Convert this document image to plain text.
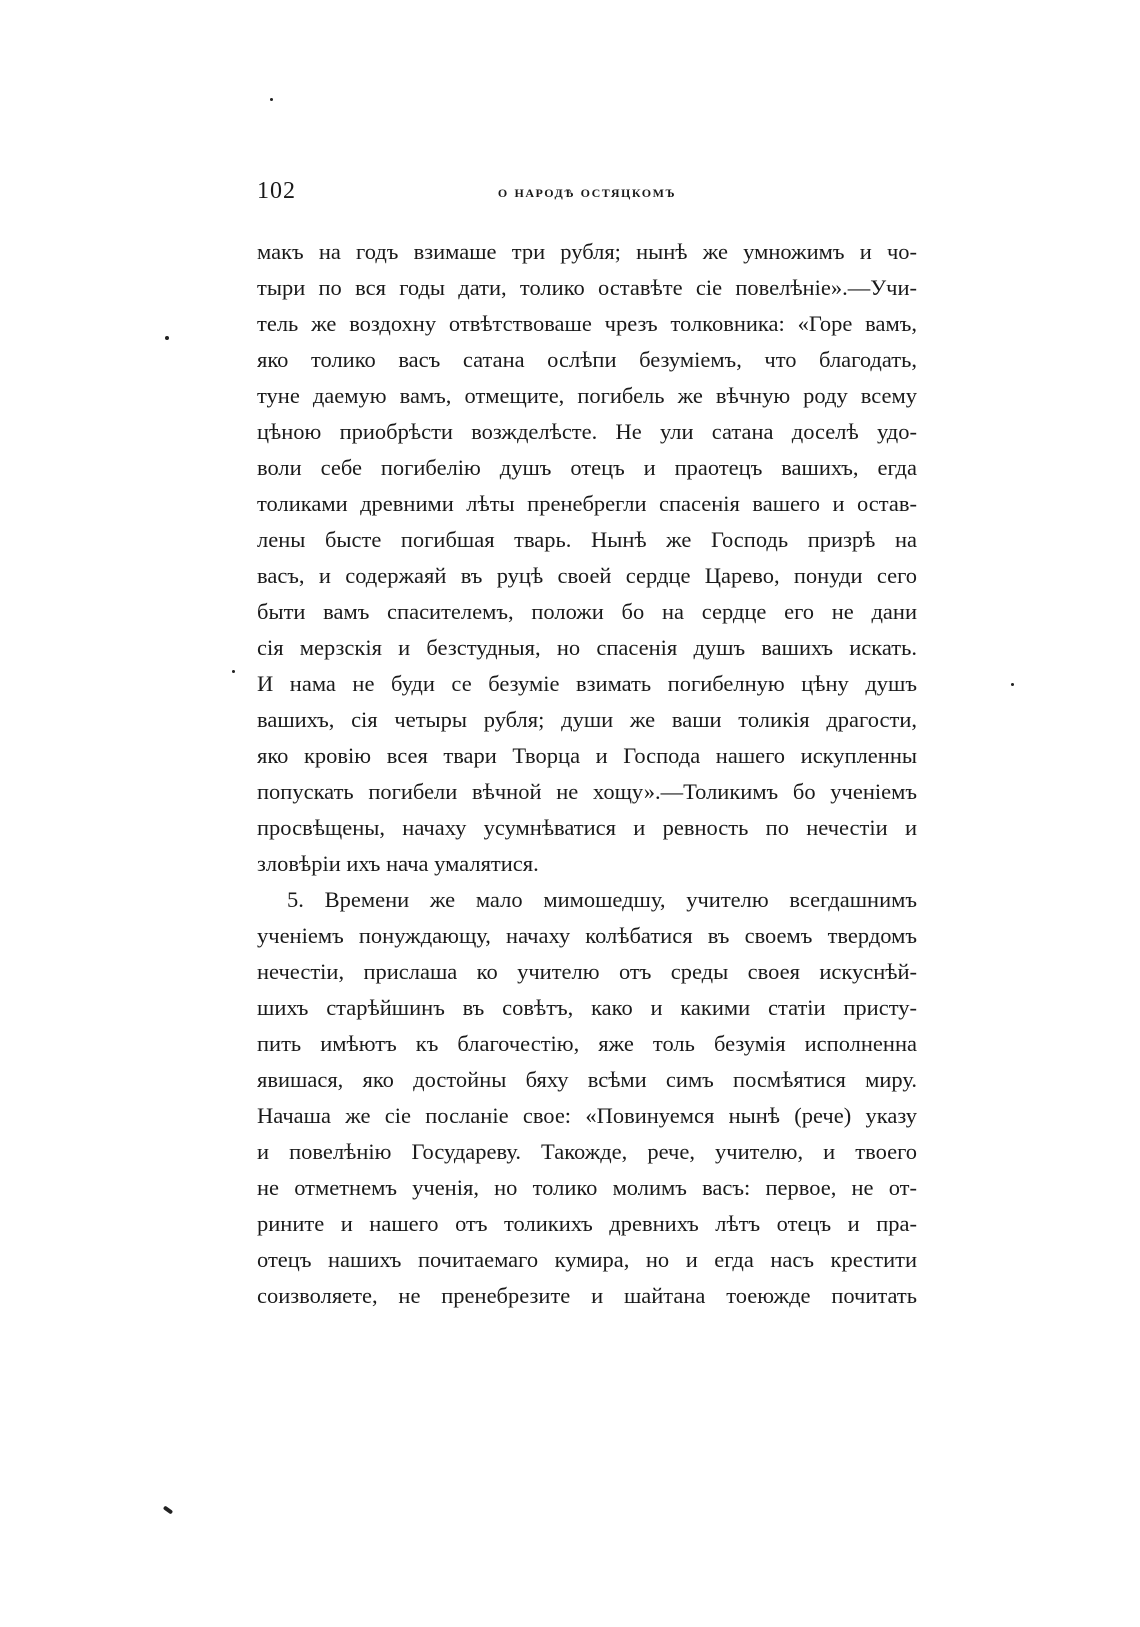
102	о народѣ остяцкомъ
макъ на годъ взимаше три рубля; нынѣ же умножимъ и чо-
тыри по вся годы дати, толико оставѣте сіе повелѣніе».—Учи-
тель же воздохну отвѣтствоваше чрезъ толковника: «Горе вамъ,
яко толико васъ сатана ослѣпи безуміемъ, что благодать,
туне даемую вамъ, отмещите, погибель же вѣчную роду всему
цѣною приобрѣсти возжделѣсте. Не ули сатана доселѣ удо-
воли себе погибелію душъ отецъ и праотецъ вашихъ, егда
толиками древними лѣты пренебрегли спасенія вашего и остав-
лены бысте погибшая тварь. Нынѣ же Господь призрѣ на
васъ, и содержаяй въ руцѣ своей сердце Царево, понуди сего
быти вамъ спасителемъ, положи бо на сердце его не дани
сія мерзскія и безстудныя, но спасенія душъ вашихъ искать.
И нама не буди се безуміе взимать погибелную цѣну душъ
вашихъ, сія четыры рубля; души же ваши толикія драгости,
яко кровію всея твари Творца и Господа нашего искупленны
попускать погибели вѣчной не хощу».—Толикимъ бо ученіемъ
просвѣщены, начаху усумнѣватися и ревность по нечестіи и
зловѣріи ихъ нача умалятися.
5. Времени же мало мимошедшу, учителю всегдашнимъ
ученіемъ понуждающу, начаху колѣбатися въ своемъ твердомъ
нечестіи, прислаша ко учителю отъ среды своея искуснѣй-
шихъ старѣйшинъ въ совѣтъ, како и какими статіи присту-
пить имѣютъ къ благочестію, яже толь безумія исполненна
явишася, яко достойны бяху всѣми симъ посмѣятися миру.
Начаша же сіе посланіе свое: «Повинуемся нынѣ (рече) указу
и повелѣнію Государеву. Такожде, рече, учителю, и твоего
не отметнемъ ученія, но толико молимъ васъ: первое, не от-
рините и нашего отъ толикихъ древнихъ лѣтъ отецъ и пра-
отецъ нашихъ почитаемаго кумира, но и егда насъ крестити
соизволяете, не пренебрезите и шайтана тоеюжде почитать
